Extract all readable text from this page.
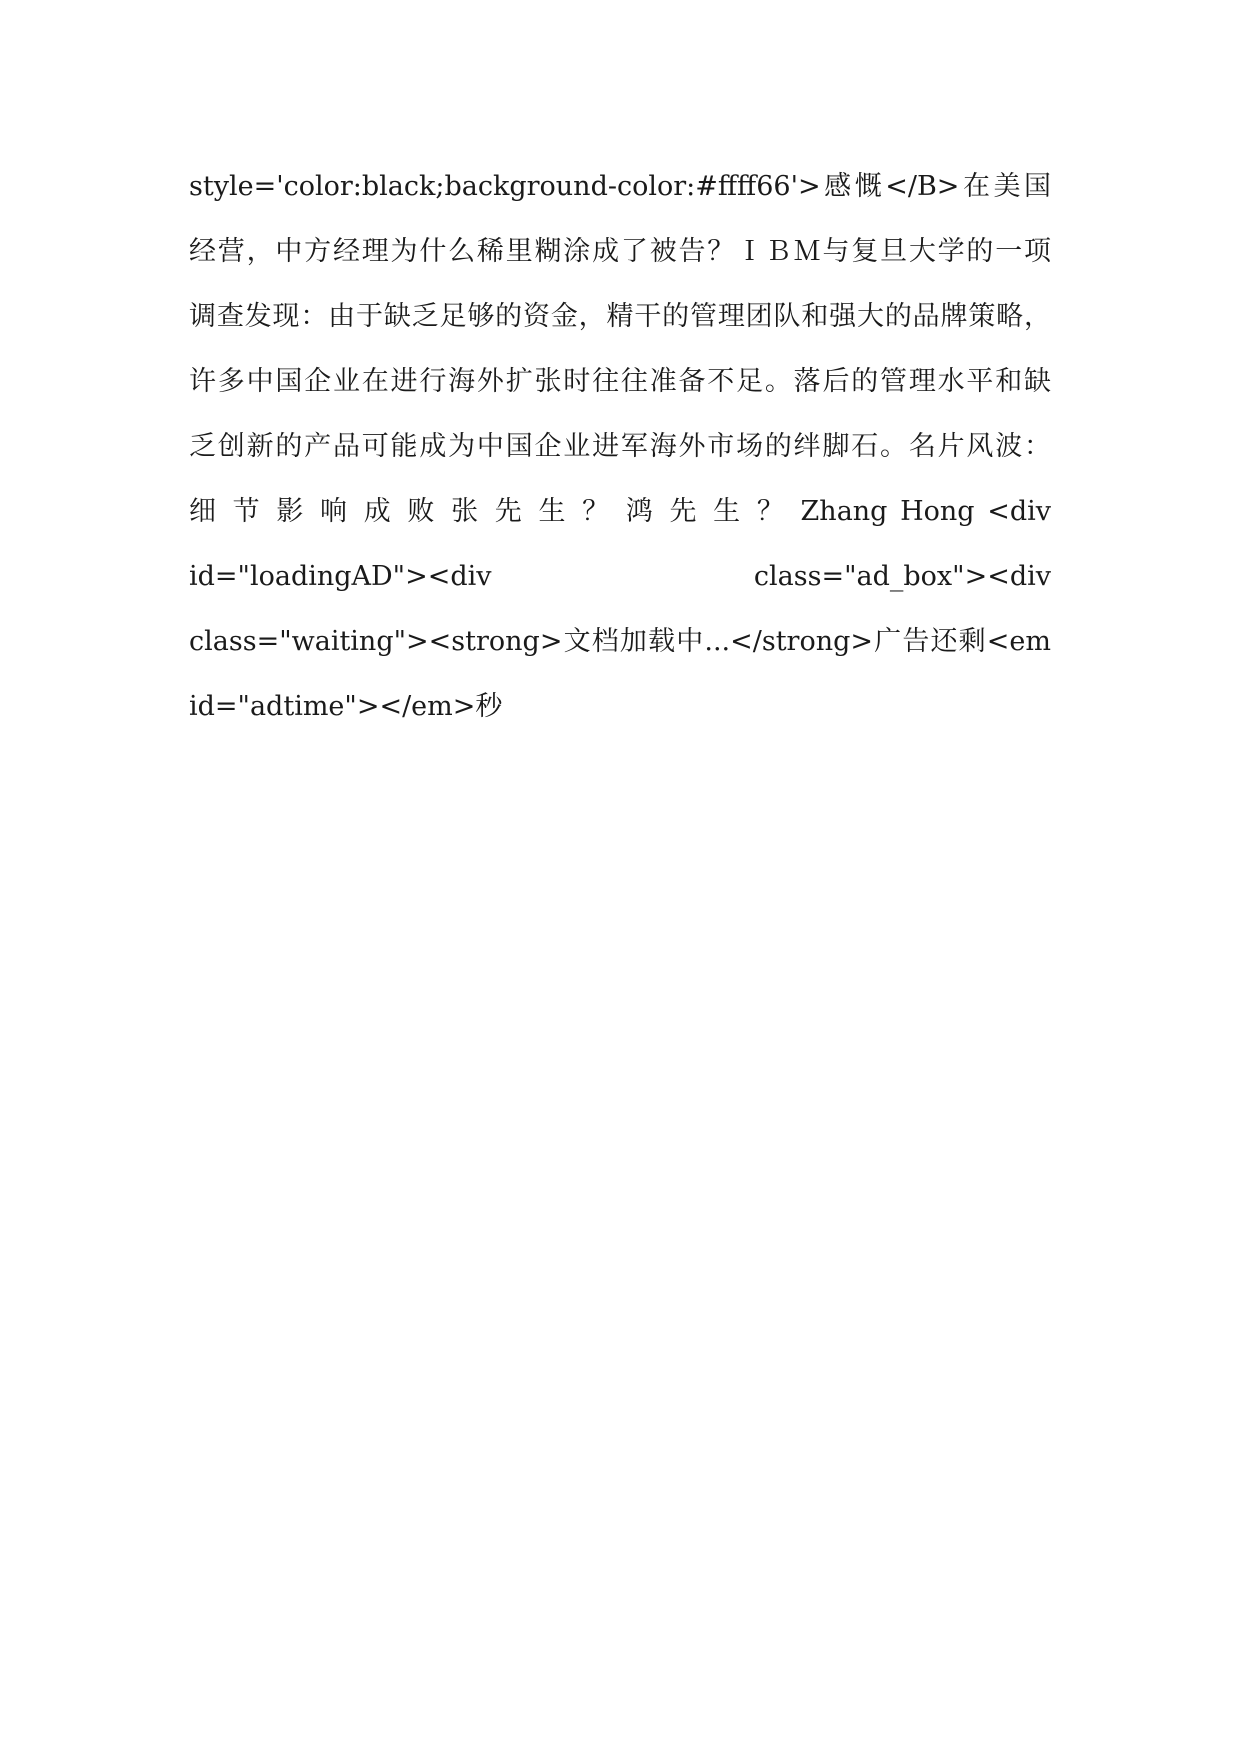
style='color:black;background-color:#ffff66'>感慨</B>在美国
经营，中方经理为什么稀里糊涂成了被告？ＩＢＭ与复旦大学的一项
调查发现：由于缺乏足够的资金，精干的管理团队和强大的品牌策略，
许多中国企业在进行海外扩张时往往准备不足。落后的管理水平和缺
乏创新的产品可能成为中国企业进军海外市场的绊脚石。名片风波：
细 节 影 响 成 败 张 先 生 ？ 鸿 先 生 ？ Zhang Hong <div
id="loadingAD"><div class="ad_box"><div
class="waiting"><strong>文档加载中...</strong>广告还剩<em
id="adtime"></em>秒
